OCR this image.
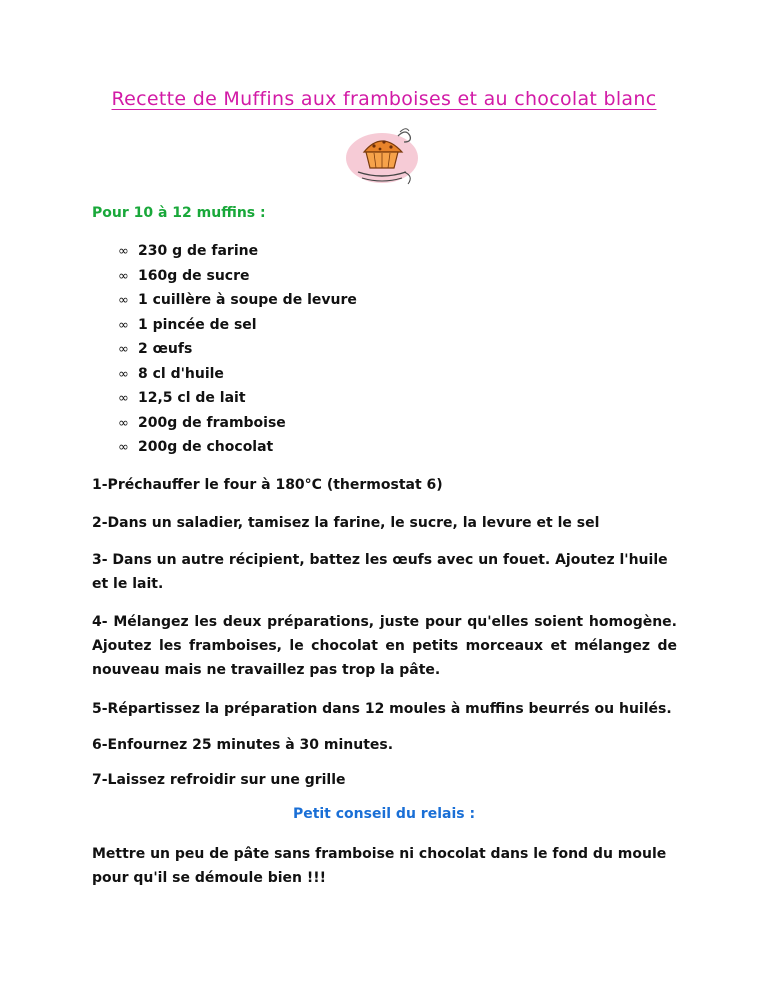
Recette de Muffins aux framboises et au chocolat blanc
Pour 10 à 12 muffins :
∞ 230 g de farine
∞ 160g de sucre
∞ 1 cuillère à soupe de levure
∞ 1 pincée de sel
∞ 2 œufs
∞ 8 cl d'huile
∞ 12,5 cl de lait
∞ 200g de framboise
∞ 200g de chocolat

1-Préchauffer le four à 180°C (thermostat 6)

2-Dans un saladier, tamisez la farine, le sucre, la levure et le sel

3- Dans un autre récipient, battez les œufs avec un fouet. Ajoutez l'huile et le lait.

4- Mélangez les deux préparations, juste pour qu'elles soient homogène. Ajoutez les framboises, le chocolat en petits morceaux et mélangez de nouveau mais ne travaillez pas trop la pâte.

5-Répartissez la préparation dans 12 moules à muffins beurrés ou huilés.

6-Enfournez 25 minutes à 30 minutes.

7-Laissez refroidir sur une grille

Petit conseil du relais :

Mettre un peu de pâte sans framboise ni chocolat dans le fond du moule pour qu'il se démoule bien !!!
